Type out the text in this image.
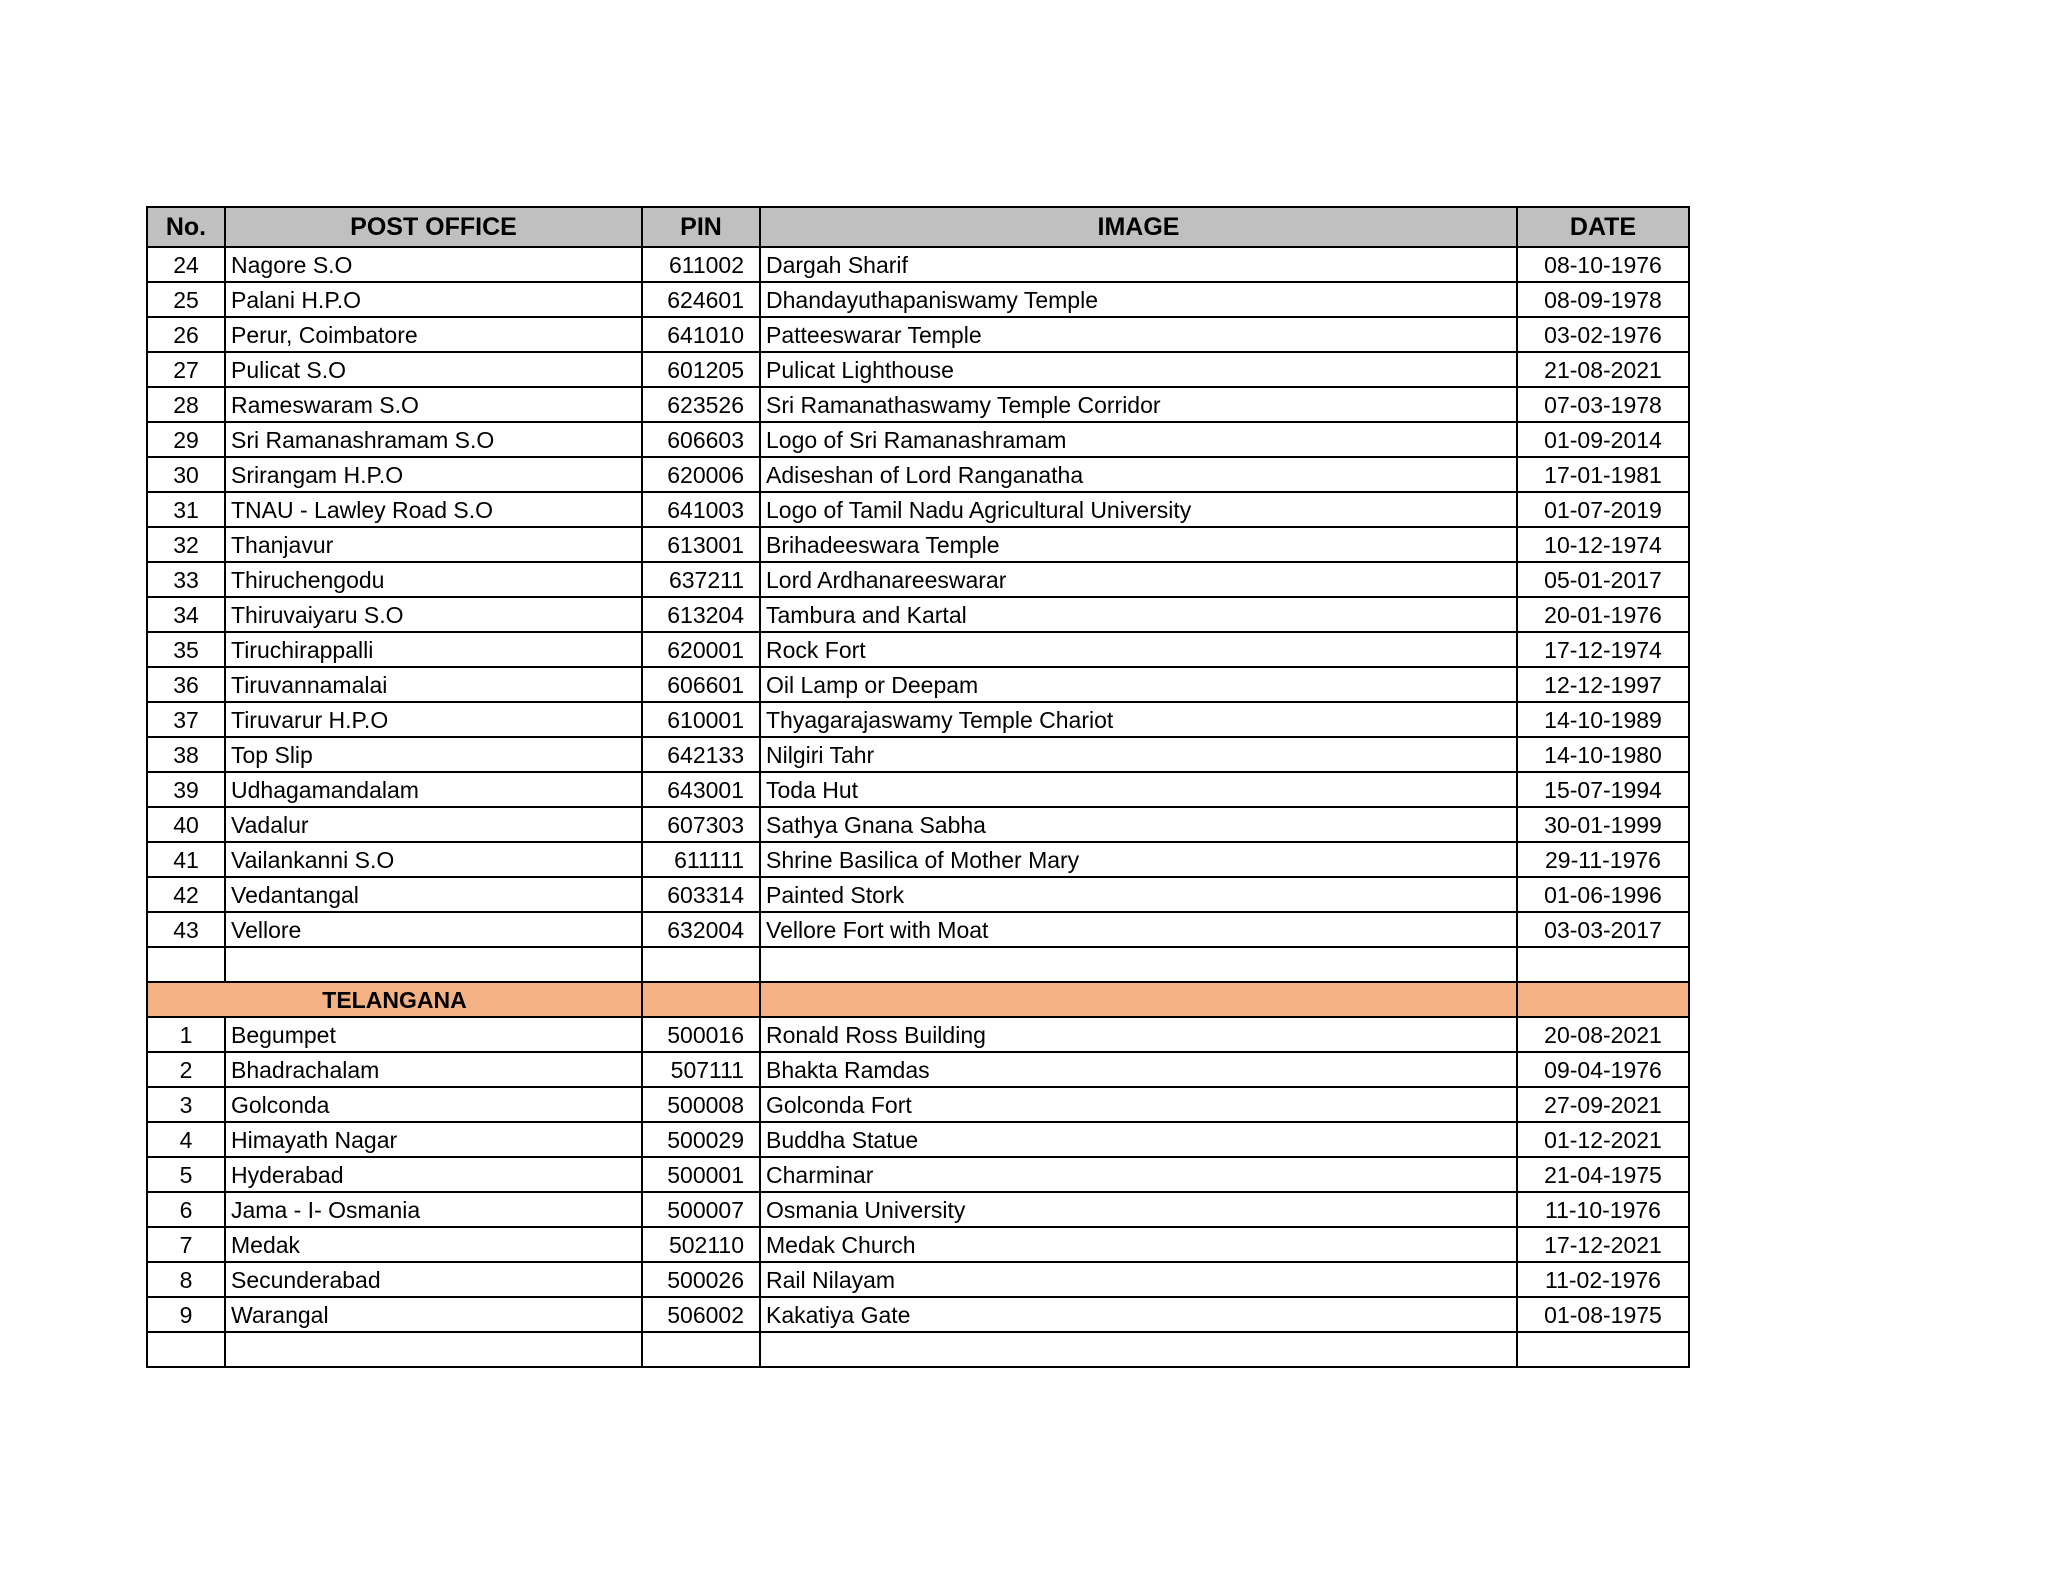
No.	POST OFFICE	PIN	IMAGE	DATE
24	Nagore S.O	611002	Dargah Sharif	08-10-1976
25	Palani H.P.O	624601	Dhandayuthapaniswamy Temple	08-09-1978
26	Perur, Coimbatore	641010	Patteeswarar Temple	03-02-1976
27	Pulicat S.O	601205	Pulicat Lighthouse	21-08-2021
28	Rameswaram S.O	623526	Sri Ramanathaswamy Temple Corridor	07-03-1978
29	Sri Ramanashramam S.O	606603	Logo of Sri Ramanashramam	01-09-2014
30	Srirangam H.P.O	620006	Adiseshan of Lord Ranganatha	17-01-1981
31	TNAU - Lawley Road S.O	641003	Logo of Tamil Nadu Agricultural University	01-07-2019
32	Thanjavur	613001	Brihadeeswara Temple	10-12-1974
33	Thiruchengodu	637211	Lord Ardhanareeswarar	05-01-2017
34	Thiruvaiyaru S.O	613204	Tambura and Kartal	20-01-1976
35	Tiruchirappalli	620001	Rock Fort	17-12-1974
36	Tiruvannamalai	606601	Oil Lamp or Deepam	12-12-1997
37	Tiruvarur H.P.O	610001	Thyagarajaswamy Temple Chariot	14-10-1989
38	Top Slip	642133	Nilgiri Tahr	14-10-1980
39	Udhagamandalam	643001	Toda Hut	15-07-1994
40	Vadalur	607303	Sathya Gnana Sabha	30-01-1999
41	Vailankanni S.O	611111	Shrine Basilica of Mother Mary	29-11-1976
42	Vedantangal	603314	Painted Stork	01-06-1996
43	Vellore	632004	Vellore Fort with Moat	03-03-2017

TELANGANA				
1	Begumpet	500016	Ronald Ross Building	20-08-2021
2	Bhadrachalam	507111	Bhakta Ramdas	09-04-1976
3	Golconda	500008	Golconda Fort	27-09-2021
4	Himayath Nagar	500029	Buddha Statue	01-12-2021
5	Hyderabad	500001	Charminar	21-04-1975
6	Jama - I- Osmania	500007	Osmania University	11-10-1976
7	Medak	502110	Medak Church	17-12-2021
8	Secunderabad	500026	Rail Nilayam	11-02-1976
9	Warangal	506002	Kakatiya Gate	01-08-1975
